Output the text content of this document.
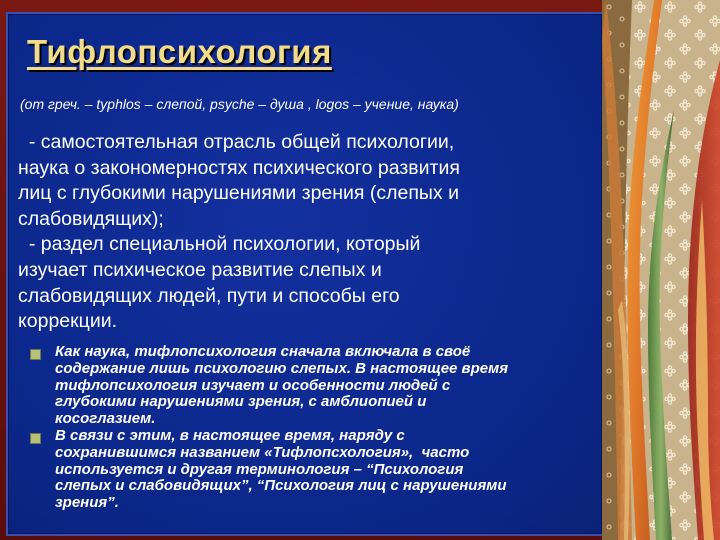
Тифлопсихология

(от греч. – typhlos – слепой, psyche – душа , logos – учение, наука)

- самостоятельная отрасль общей психологии,
наука о закономерностях психического развития
лиц с глубокими нарушениями зрения (слепых и
слабовидящих);
- раздел специальной психологии, который
изучает психическое развитие слепых и
слабовидящих людей, пути и способы его
коррекции.

Как наука, тифлопсихология сначала включала в своё
содержание лишь психологию слепых. В настоящее время
тифлопсихология изучает и особенности людей с
глубокими нарушениями зрения, с амблиопией и
косоглазием.
В связи с этим, в настоящее время, наряду с
сохранившимся названием «Тифлопсхология»,  часто
используется и другая терминология – “Психология
слепых и слабовидящих”, “Психология лиц с нарушениями
зрения”.
